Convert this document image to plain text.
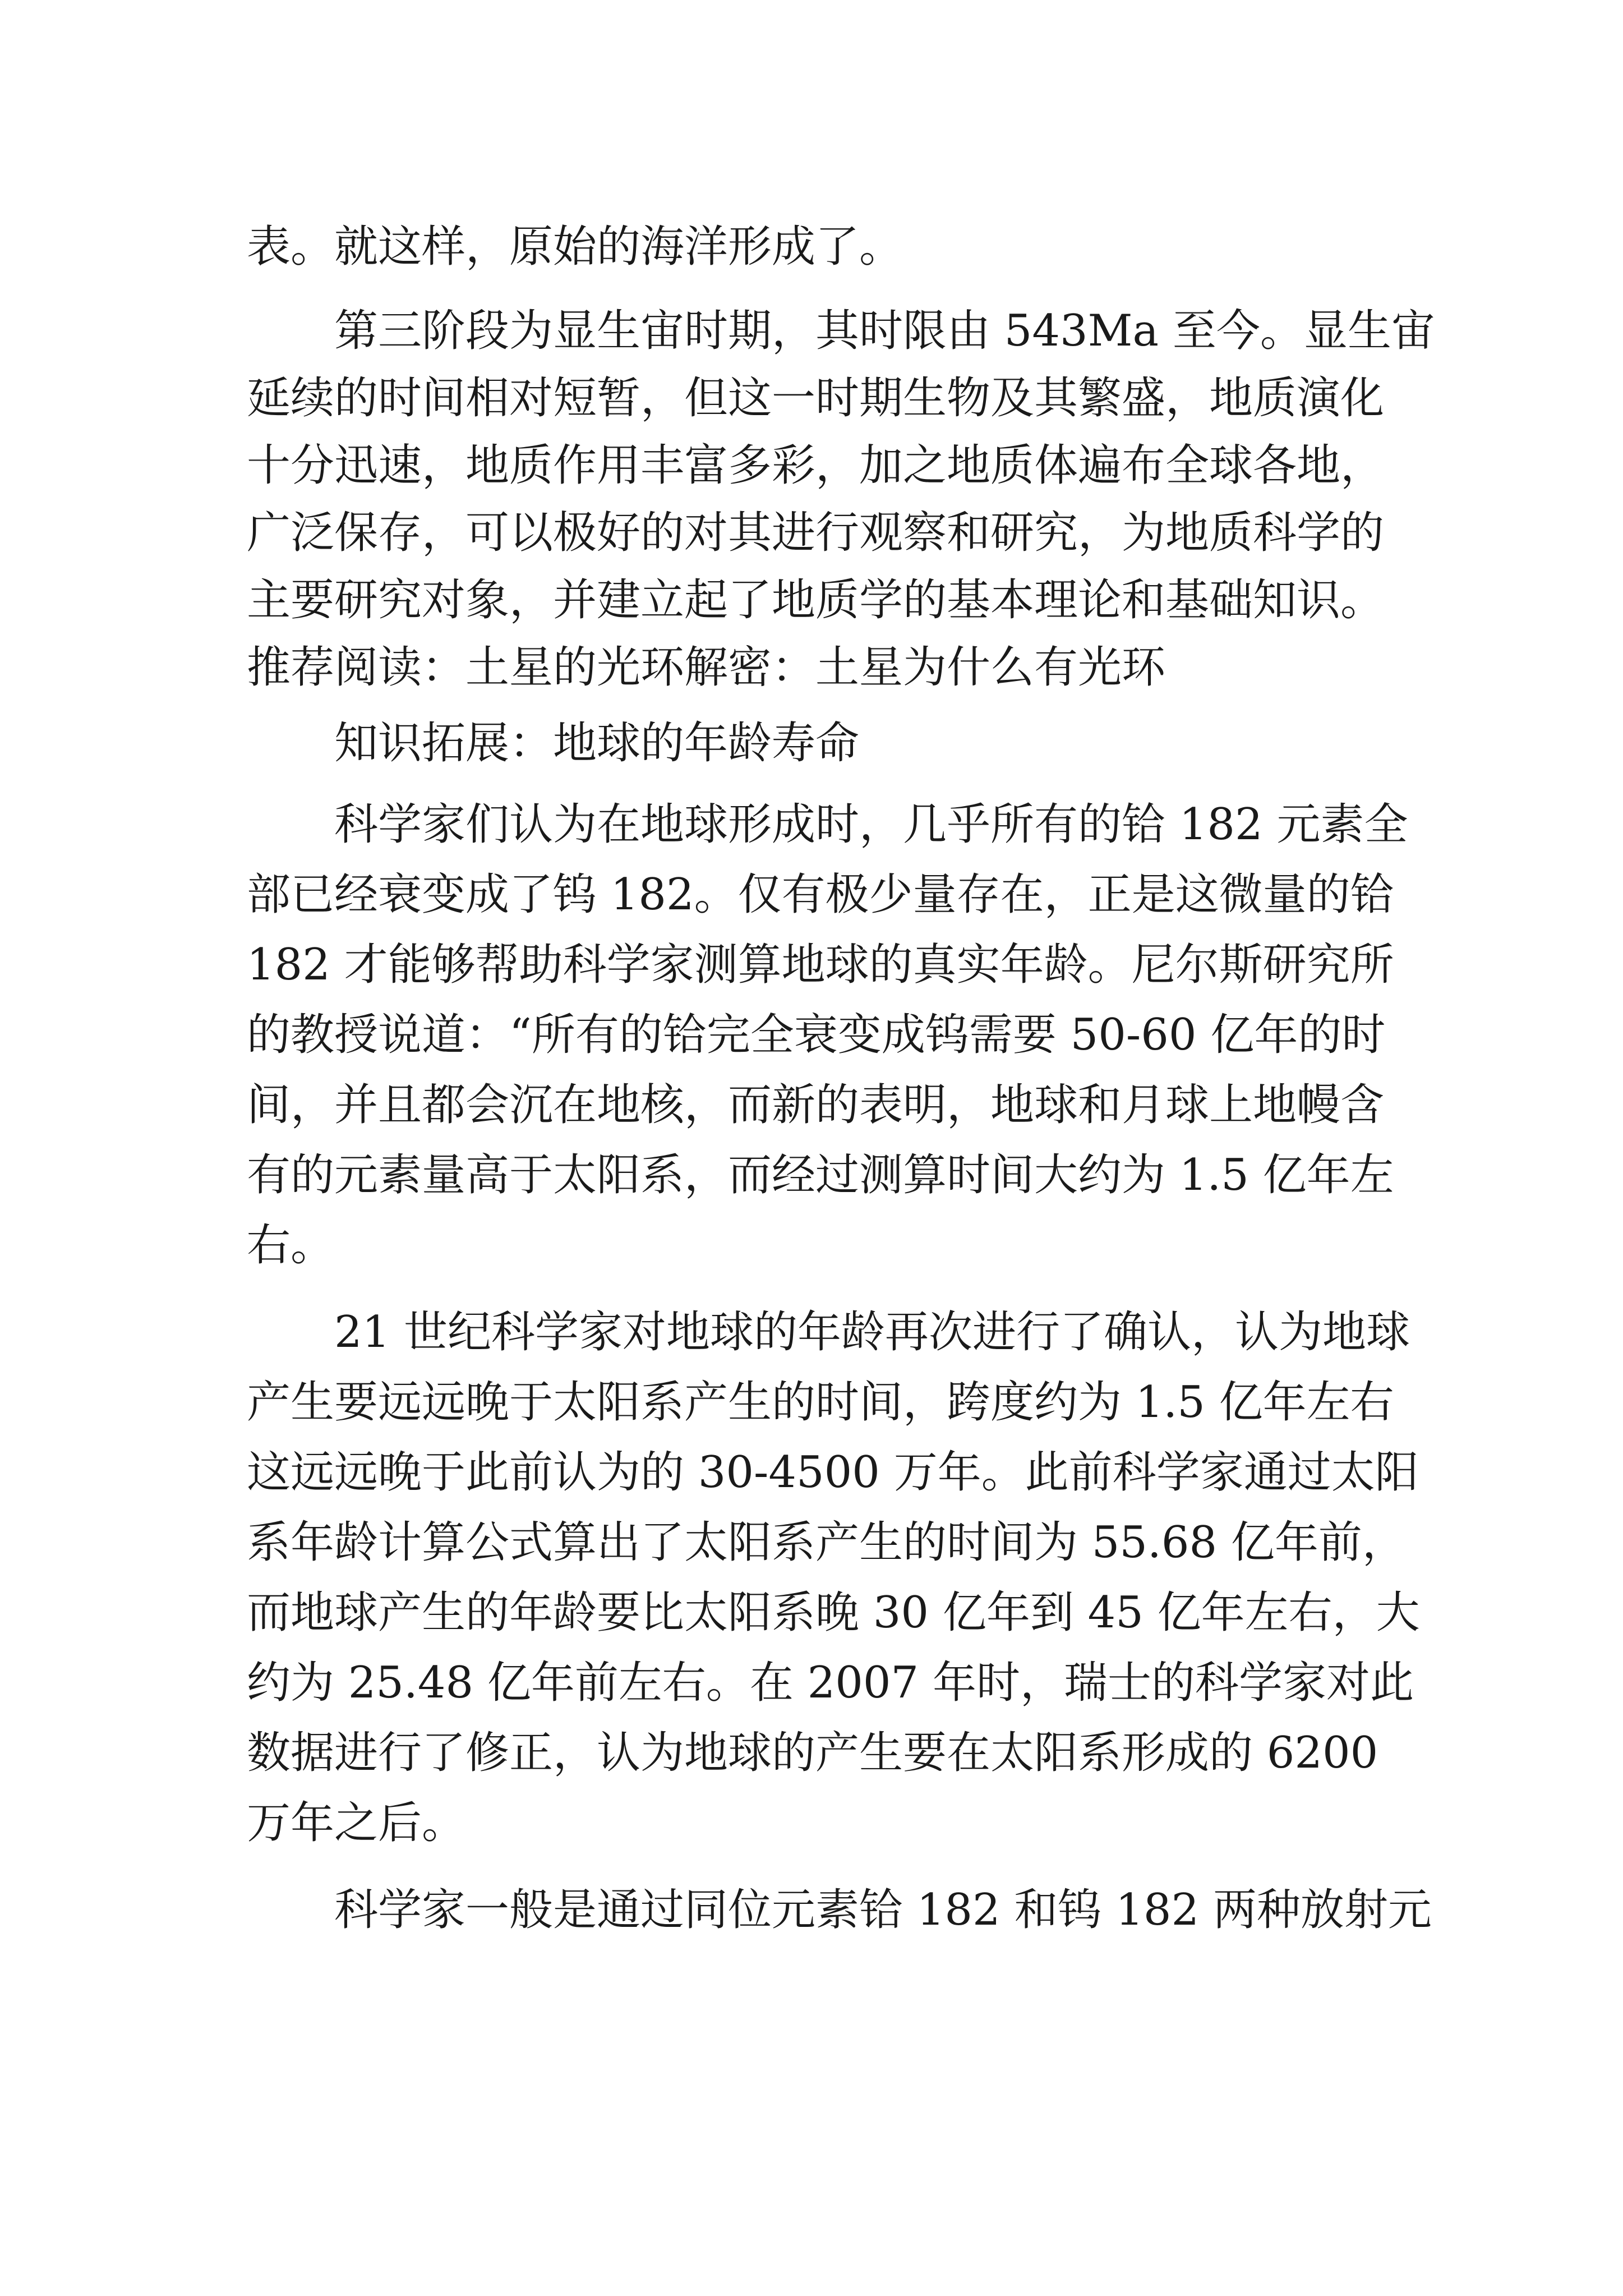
表。就这样，原始的海洋形成了。
第三阶段为显生宙时期，其时限由 543Ma 至今。显生宙
延续的时间相对短暂，但这一时期生物及其繁盛，地质演化
十分迅速，地质作用丰富多彩，加之地质体遍布全球各地，
广泛保存，可以极好的对其进行观察和研究，为地质科学的
主要研究对象，并建立起了地质学的基本理论和基础知识。
推荐阅读：土星的光环解密：土星为什么有光环
知识拓展：地球的年龄寿命
科学家们认为在地球形成时，几乎所有的铪 182 元素全
部已经衰变成了钨 182。仅有极少量存在，正是这微量的铪
182 才能够帮助科学家测算地球的真实年龄。尼尔斯研究所
的教授说道：“所有的铪完全衰变成钨需要 50-60 亿年的时
间，并且都会沉在地核，而新的表明，地球和月球上地幔含
有的元素量高于太阳系，而经过测算时间大约为 1.5 亿年左
右。
21 世纪科学家对地球的年龄再次进行了确认，认为地球
产生要远远晚于太阳系产生的时间，跨度约为 1.5 亿年左右
这远远晚于此前认为的 30-4500 万年。此前科学家通过太阳
系年龄计算公式算出了太阳系产生的时间为 55.68 亿年前，
而地球产生的年龄要比太阳系晚 30 亿年到 45 亿年左右，大
约为 25.48 亿年前左右。在 2007 年时，瑞士的科学家对此
数据进行了修正，认为地球的产生要在太阳系形成的 6200
万年之后。
科学家一般是通过同位元素铪 182 和钨 182 两种放射元
